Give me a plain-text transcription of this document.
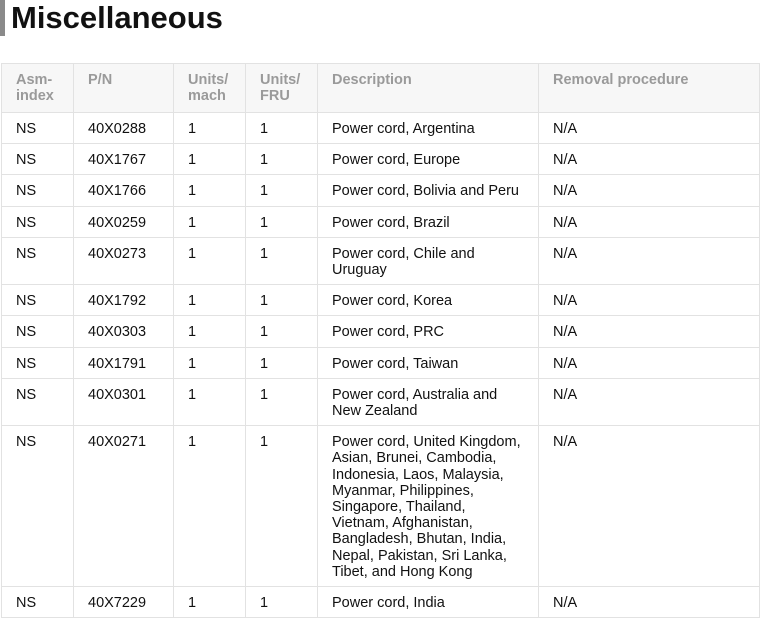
Miscellaneous
Asm-index	P/N	Units/ mach	Units/ FRU	Description	Removal procedure
NS	40X0288	1	1	Power cord, Argentina	N/A
NS	40X1767	1	1	Power cord, Europe	N/A
NS	40X1766	1	1	Power cord, Bolivia and Peru	N/A
NS	40X0259	1	1	Power cord, Brazil	N/A
NS	40X0273	1	1	Power cord, Chile and Uruguay	N/A
NS	40X1792	1	1	Power cord, Korea	N/A
NS	40X0303	1	1	Power cord, PRC	N/A
NS	40X1791	1	1	Power cord, Taiwan	N/A
NS	40X0301	1	1	Power cord, Australia and New Zealand	N/A
NS	40X0271	1	1	Power cord, United Kingdom, Asian, Brunei, Cambodia, Indonesia, Laos, Malaysia, Myanmar, Philippines, Singapore, Thailand, Vietnam, Afghanistan, Bangladesh, Bhutan, India, Nepal, Pakistan, Sri Lanka, Tibet, and Hong Kong	N/A
NS	40X7229	1	1	Power cord, India	N/A
